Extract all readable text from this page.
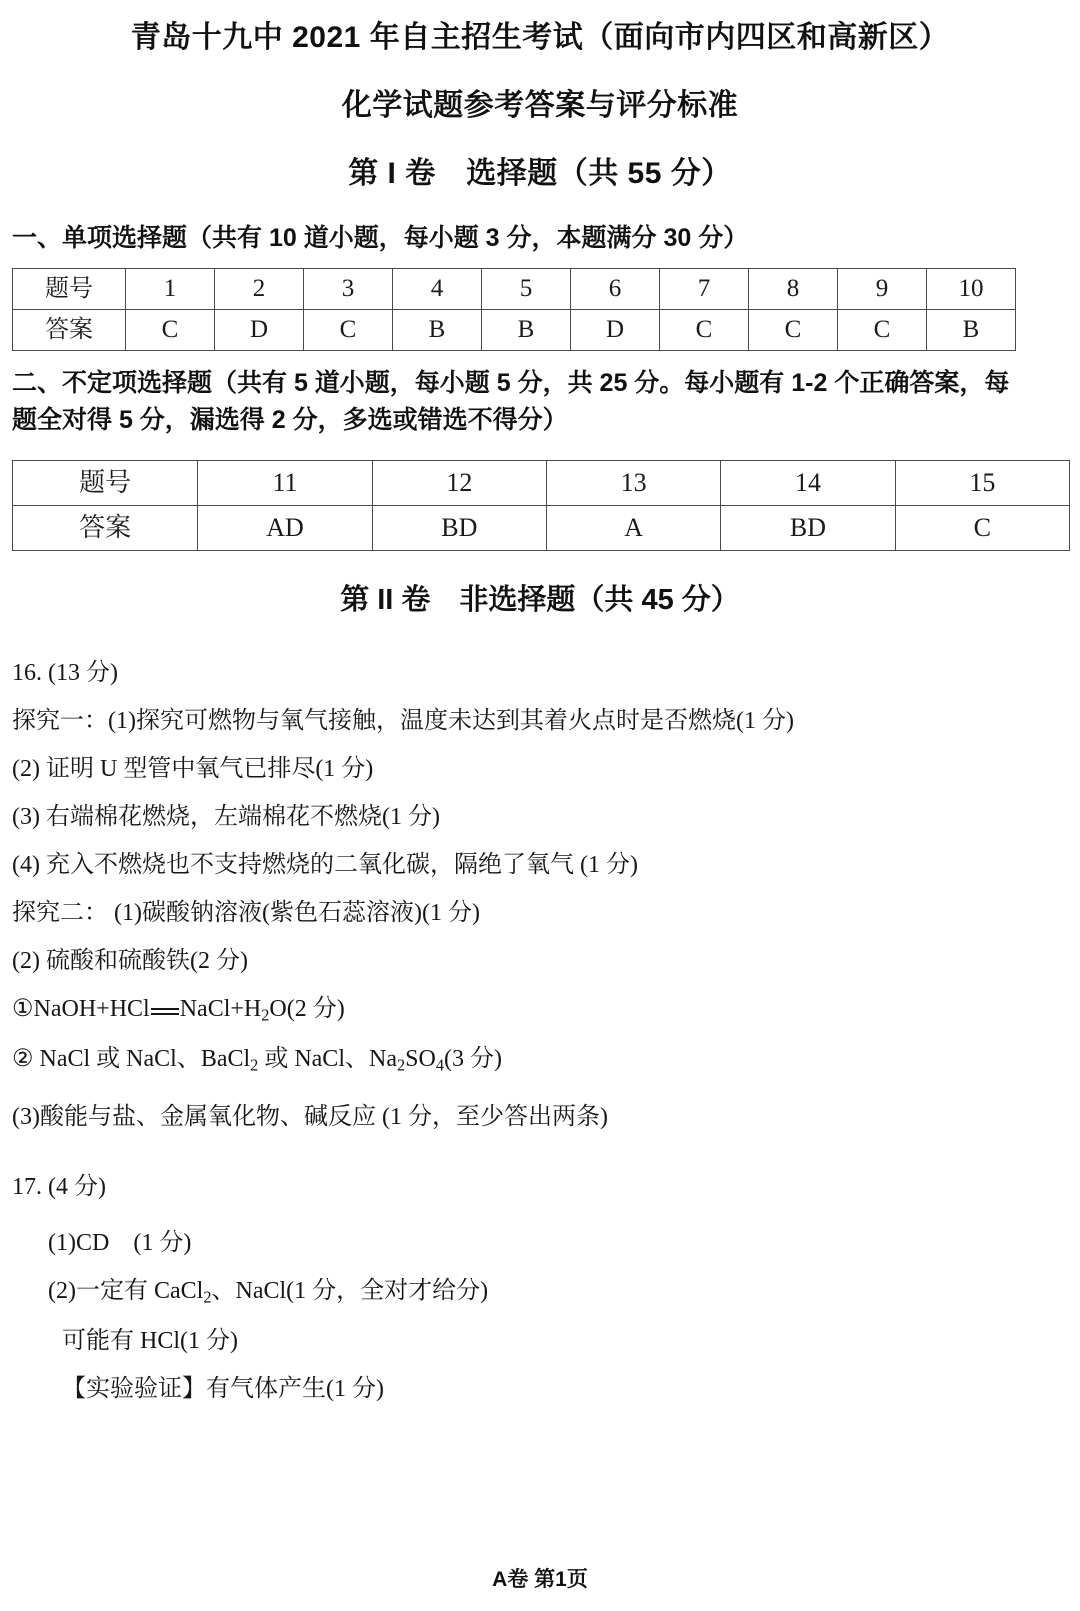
青岛十九中 2021 年自主招生考试（面向市内四区和高新区）
化学试题参考答案与评分标准
第 I 卷　选择题（共 55 分）

一、单项选择题（共有 10 道小题，每小题 3 分，本题满分 30 分）

题号	1	2	3	4	5	6	7	8	9	10
答案	C	D	C	B	B	D	C	C	C	B

二、不定项选择题（共有 5 道小题，每小题 5 分，共 25 分。每小题有 1-2 个正确答案，每

题全对得 5 分，漏选得 2 分，多选或错选不得分）

题号	11	12	13	14	15
答案	AD	BD	A	BD	C

第 II 卷　非选择题（共 45 分）

16. (13 分)

探究一：(1)探究可燃物与氧气接触，温度未达到其着火点时是否燃烧(1 分)

(2) 证明 U 型管中氧气已排尽(1 分)

(3) 右端棉花燃烧，左端棉花不燃烧(1 分)

(4) 充入不燃烧也不支持燃烧的二氧化碳，隔绝了氧气 (1 分)

探究二： (1)碳酸钠溶液(紫色石蕊溶液)(1 分)

(2) 硫酸和硫酸铁(2 分)

①NaOH+HCl $NaCl+H_2O(2$ 分)

② NaCl 或 NaCl、BaCl$_2$ 或 NaCl、$Na_2SO_4(3$ 分)

(3)酸能与盐、金属氧化物、碱反应 (1 分，至少答出两条)

17. (4 分)

(1)CD　(1 分)

(2)一定有 CaCl$_2$、NaCl(1 分，全对才给分)

可能有 HCl(1 分)

【实验验证】有气体产生(1 分)

A卷 第1页
